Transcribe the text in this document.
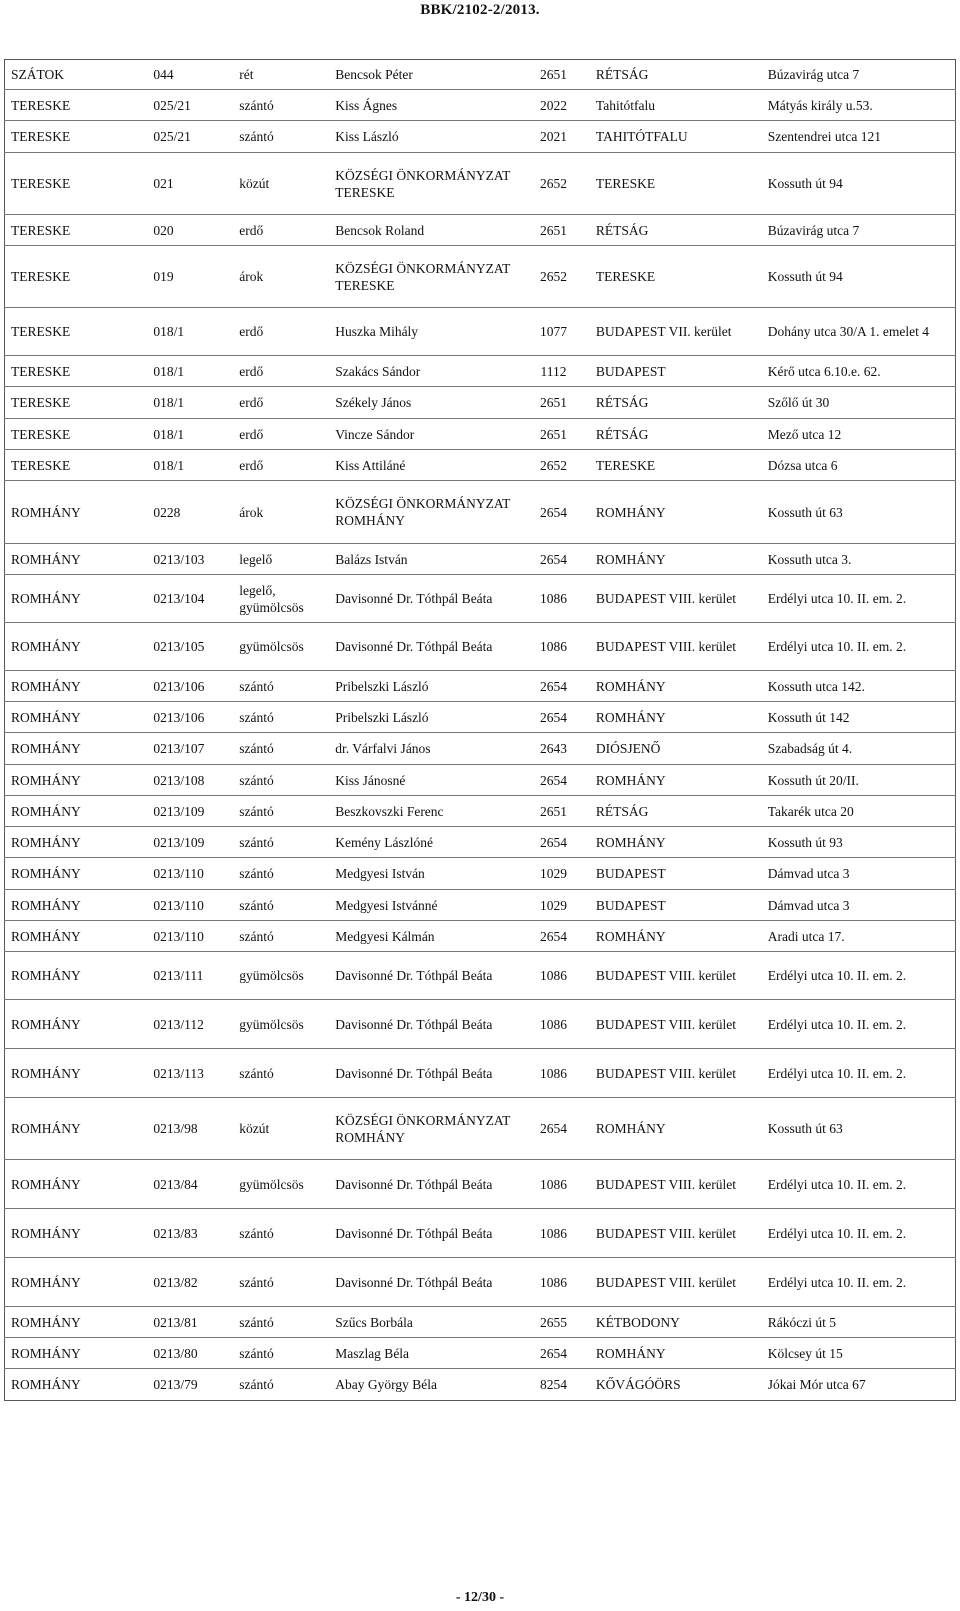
BBK/2102-2/2013.
SZÁTOK	044	rét	Bencsok Péter	2651	RÉTSÁG	Búzavirág utca 7
TERESKE	025/21	szántó	Kiss Ágnes	2022	Tahitótfalu	Mátyás király u.53.
TERESKE	025/21	szántó	Kiss László	2021	TAHITÓTFALU	Szentendrei utca 121
TERESKE	021	közút	KÖZSÉGI ÖNKORMÁNYZAT TERESKE	2652	TERESKE	Kossuth út 94
TERESKE	020	erdő	Bencsok Roland	2651	RÉTSÁG	Búzavirág utca 7
TERESKE	019	árok	KÖZSÉGI ÖNKORMÁNYZAT TERESKE	2652	TERESKE	Kossuth út 94
TERESKE	018/1	erdő	Huszka Mihály	1077	BUDAPEST VII. kerület	Dohány utca 30/A 1. emelet 4
TERESKE	018/1	erdő	Szakács Sándor	1112	BUDAPEST	Kérő utca 6.10.e. 62.
TERESKE	018/1	erdő	Székely János	2651	RÉTSÁG	Szőlő út 30
TERESKE	018/1	erdő	Vincze Sándor	2651	RÉTSÁG	Mező utca 12
TERESKE	018/1	erdő	Kiss Attiláné	2652	TERESKE	Dózsa utca 6
ROMHÁNY	0228	árok	KÖZSÉGI ÖNKORMÁNYZAT ROMHÁNY	2654	ROMHÁNY	Kossuth út 63
ROMHÁNY	0213/103	legelő	Balázs István	2654	ROMHÁNY	Kossuth utca 3.
ROMHÁNY	0213/104	legelő, gyümölcsös	Davisonné Dr. Tóthpál Beáta	1086	BUDAPEST VIII. kerület	Erdélyi utca 10. II. em. 2.
ROMHÁNY	0213/105	gyümölcsös	Davisonné Dr. Tóthpál Beáta	1086	BUDAPEST VIII. kerület	Erdélyi utca 10. II. em. 2.
ROMHÁNY	0213/106	szántó	Pribelszki László	2654	ROMHÁNY	Kossuth utca 142.
ROMHÁNY	0213/106	szántó	Pribelszki László	2654	ROMHÁNY	Kossuth út 142
ROMHÁNY	0213/107	szántó	dr. Várfalvi János	2643	DIÓSJENŐ	Szabadság út 4.
ROMHÁNY	0213/108	szántó	Kiss Jánosné	2654	ROMHÁNY	Kossuth út 20/II.
ROMHÁNY	0213/109	szántó	Beszkovszki Ferenc	2651	RÉTSÁG	Takarék utca 20
ROMHÁNY	0213/109	szántó	Kemény Lászlóné	2654	ROMHÁNY	Kossuth út 93
ROMHÁNY	0213/110	szántó	Medgyesi István	1029	BUDAPEST	Dámvad utca 3
ROMHÁNY	0213/110	szántó	Medgyesi Istvánné	1029	BUDAPEST	Dámvad utca 3
ROMHÁNY	0213/110	szántó	Medgyesi Kálmán	2654	ROMHÁNY	Aradi utca 17.
ROMHÁNY	0213/111	gyümölcsös	Davisonné Dr. Tóthpál Beáta	1086	BUDAPEST VIII. kerület	Erdélyi utca 10. II. em. 2.
ROMHÁNY	0213/112	gyümölcsös	Davisonné Dr. Tóthpál Beáta	1086	BUDAPEST VIII. kerület	Erdélyi utca 10. II. em. 2.
ROMHÁNY	0213/113	szántó	Davisonné Dr. Tóthpál Beáta	1086	BUDAPEST VIII. kerület	Erdélyi utca 10. II. em. 2.
ROMHÁNY	0213/98	közút	KÖZSÉGI ÖNKORMÁNYZAT ROMHÁNY	2654	ROMHÁNY	Kossuth út 63
ROMHÁNY	0213/84	gyümölcsös	Davisonné Dr. Tóthpál Beáta	1086	BUDAPEST VIII. kerület	Erdélyi utca 10. II. em. 2.
ROMHÁNY	0213/83	szántó	Davisonné Dr. Tóthpál Beáta	1086	BUDAPEST VIII. kerület	Erdélyi utca 10. II. em. 2.
ROMHÁNY	0213/82	szántó	Davisonné Dr. Tóthpál Beáta	1086	BUDAPEST VIII. kerület	Erdélyi utca 10. II. em. 2.
ROMHÁNY	0213/81	szántó	Szűcs Borbála	2655	KÉTBODONY	Rákóczi út 5
ROMHÁNY	0213/80	szántó	Maszlag Béla	2654	ROMHÁNY	Kölcsey út 15
ROMHÁNY	0213/79	szántó	Abay György Béla	8254	KŐVÁGÓÖRS	Jókai Mór utca 67
- 12/30 -
